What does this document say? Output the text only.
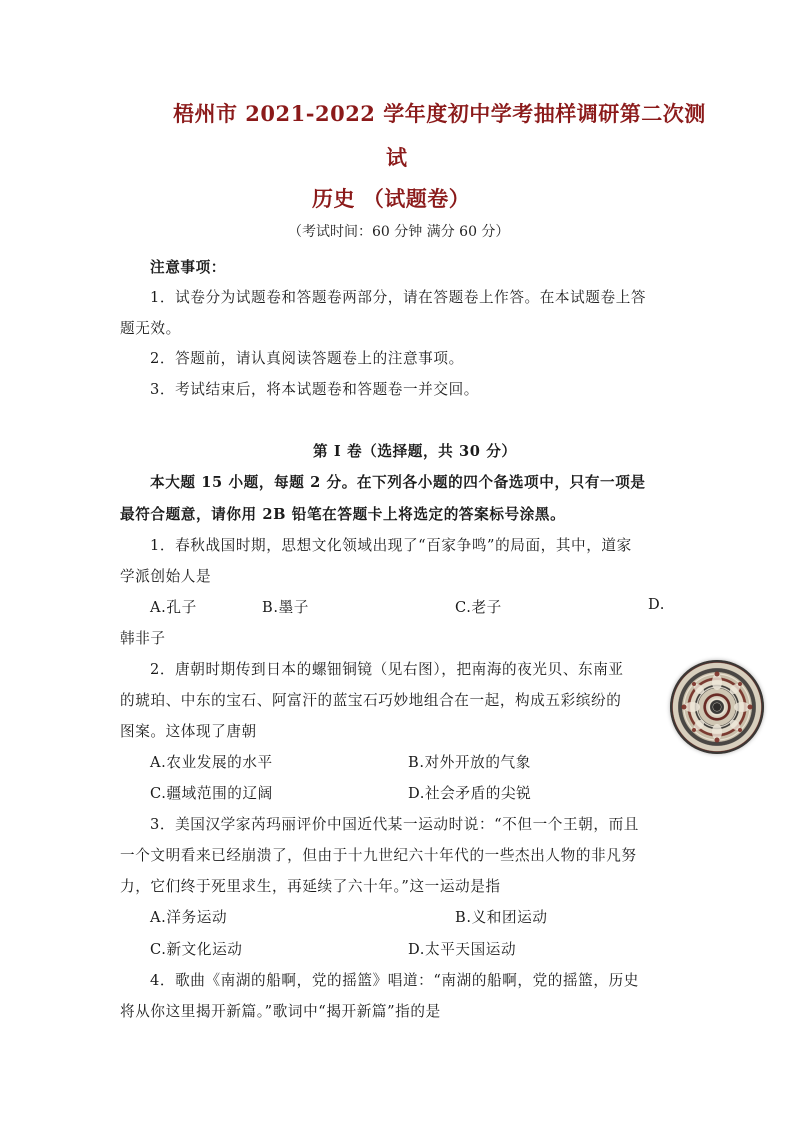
梧州市 2021-2022 学年度初中学考抽样调研第二次测
试
历史 （试题卷）
（考试时间：60 分钟 满分 60 分）
注意事项：
1．试卷分为试题卷和答题卷两部分，请在答题卷上作答。在本试题卷上答
题无效。
2．答题前，请认真阅读答题卷上的注意事项。
3．考试结束后，将本试题卷和答题卷一并交回。
第 I 卷（选择题，共 30 分）
本大题 15 小题，每题 2 分。在下列各小题的四个备选项中，只有一项是
最符合题意，请你用 2B 铅笔在答题卡上将选定的答案标号涂黑。
1．春秋战国时期，思想文化领域出现了“百家争鸣”的局面，其中，道家
学派创始人是
A.孔子	B.墨子	C.老子	D.
韩非子
2．唐朝时期传到日本的螺钿铜镜（见右图），把南海的夜光贝、东南亚
的琥珀、中东的宝石、阿富汗的蓝宝石巧妙地组合在一起，构成五彩缤纷的
图案。这体现了唐朝
A.农业发展的水平	B.对外开放的气象
C.疆域范围的辽阔	D.社会矛盾的尖锐
3．美国汉学家芮玛丽评价中国近代某一运动时说：“不但一个王朝，而且
一个文明看来已经崩溃了，但由于十九世纪六十年代的一些杰出人物的非凡努
力，它们终于死里求生，再延续了六十年。”这一运动是指
A.洋务运动	B.义和团运动
C.新文化运动	D.太平天国运动
4．歌曲《南湖的船啊，党的摇篮》唱道：“南湖的船啊，党的摇篮，历史
将从你这里揭开新篇。”歌词中“揭开新篇”指的是
